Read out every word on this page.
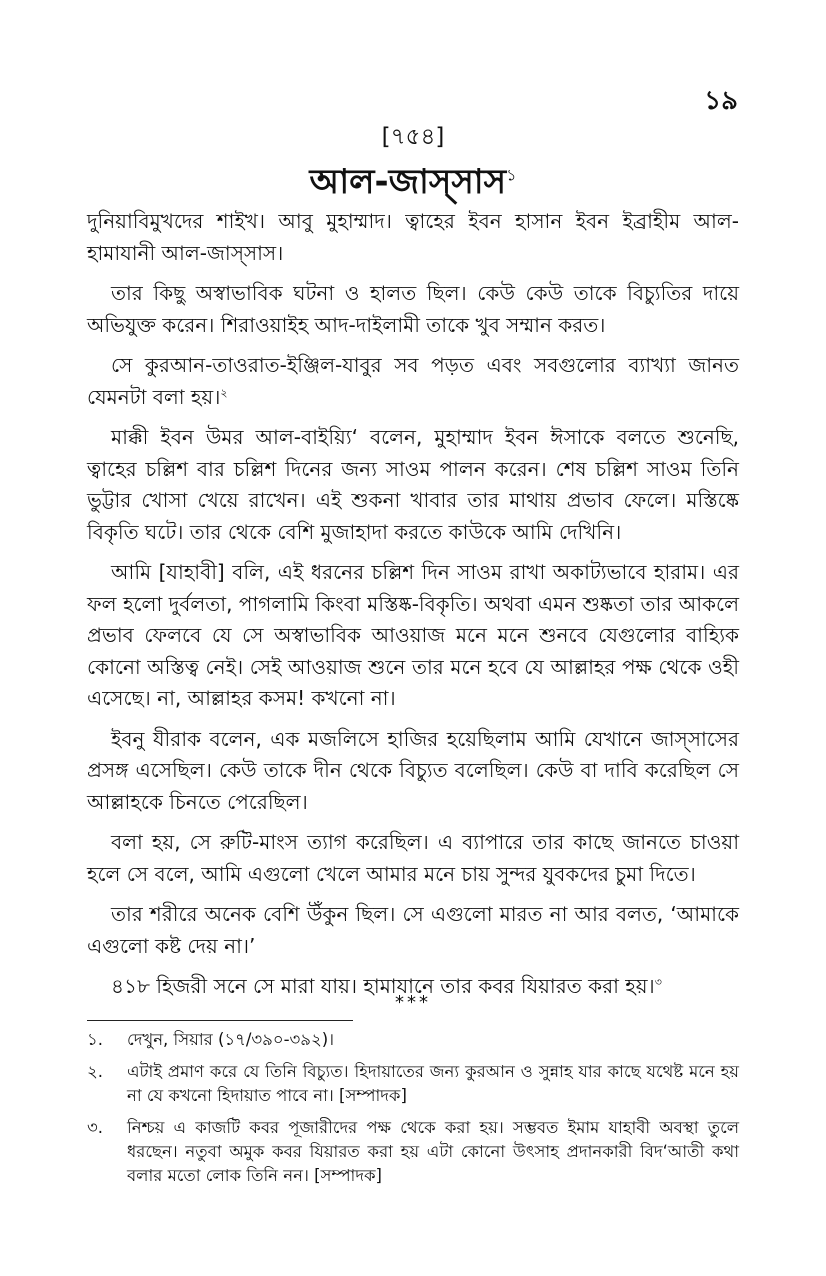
১৯
[৭৫৪]
আল-জাস্সাস$^১$

দুনিয়াবিমুখদের শাইখ। আবু মুহাম্মাদ। ত্বাহের ইবন হাসান ইবন ইব্রাহীম আল-হামাযানী আল-জাস্সাস।

তার কিছু অস্বাভাবিক ঘটনা ও হালত ছিল। কেউ কেউ তাকে বিচ্যুতির দায়ে অভিযুক্ত করেন। শিরাওয়াইহ আদ-দাইলামী তাকে খুব সম্মান করত।

সে কুরআন-তাওরাত-ইঞ্জিল-যাবুর সব পড়ত এবং সবগুলোর ব্যাখ্যা জানত যেমনটা বলা হয়।$^২$

মাক্কী ইবন উমর আল-বাইয়্যি‘ বলেন, মুহাম্মাদ ইবন ঈসাকে বলতে শুনেছি, ত্বাহের চল্লিশ বার চল্লিশ দিনের জন্য সাওম পালন করেন। শেষ চল্লিশ সাওম তিনি ভুট্টার খোসা খেয়ে রাখেন। এই শুকনা খাবার তার মাথায় প্রভাব ফেলে। মস্তিষ্কে বিকৃতি ঘটে। তার থেকে বেশি মুজাহাদা করতে কাউকে আমি দেখিনি।

আমি [যাহাবী] বলি, এই ধরনের চল্লিশ দিন সাওম রাখা অকাট্যভাবে হারাম। এর ফল হলো দুর্বলতা, পাগলামি কিংবা মস্তিষ্ক-বিকৃতি। অথবা এমন শুষ্কতা তার আকলে প্রভাব ফেলবে যে সে অস্বাভাবিক আওয়াজ মনে মনে শুনবে যেগুলোর বাহ্যিক কোনো অস্তিত্ব নেই। সেই আওয়াজ শুনে তার মনে হবে যে আল্লাহর পক্ষ থেকে ওহী এসেছে। না, আল্লাহর কসম! কখনো না।

ইবনু যীরাক বলেন, এক মজলিসে হাজির হয়েছিলাম আমি যেখানে জাস্সাসের প্রসঙ্গ এসেছিল। কেউ তাকে দীন থেকে বিচ্যুত বলেছিল। কেউ বা দাবি করেছিল সে আল্লাহকে চিনতে পেরেছিল।

বলা হয়, সে রুটি-মাংস ত্যাগ করেছিল। এ ব্যাপারে তার কাছে জানতে চাওয়া হলে সে বলে, আমি এগুলো খেলে আমার মনে চায় সুন্দর যুবকদের চুমা দিতে।

তার শরীরে অনেক বেশি উঁকুন ছিল। সে এগুলো মারত না আর বলত, ‘আমাকে এগুলো কষ্ট দেয় না।’

৪১৮ হিজরী সনে সে মারা যায়। হামাযানে তার কবর যিয়ারত করা হয়।$^৩$

***
১.	দেখুন, সিয়ার (১৭/৩৯০-৩৯২)।
২.	এটাই প্রমাণ করে যে তিনি বিচ্যুত। হিদায়াতের জন্য কুরআন ও সুন্নাহ যার কাছে যথেষ্ট মনে হয় না যে কখনো হিদায়াত পাবে না। [সম্পাদক]
৩.	নিশ্চয় এ কাজটি কবর পূজারীদের পক্ষ থেকে করা হয়। সম্ভবত ইমাম যাহাবী অবস্থা তুলে ধরছেন। নতুবা অমুক কবর যিয়ারত করা হয় এটা কোনো উৎসাহ প্রদানকারী বিদ‘আতী কথা বলার মতো লোক তিনি নন। [সম্পাদক]
